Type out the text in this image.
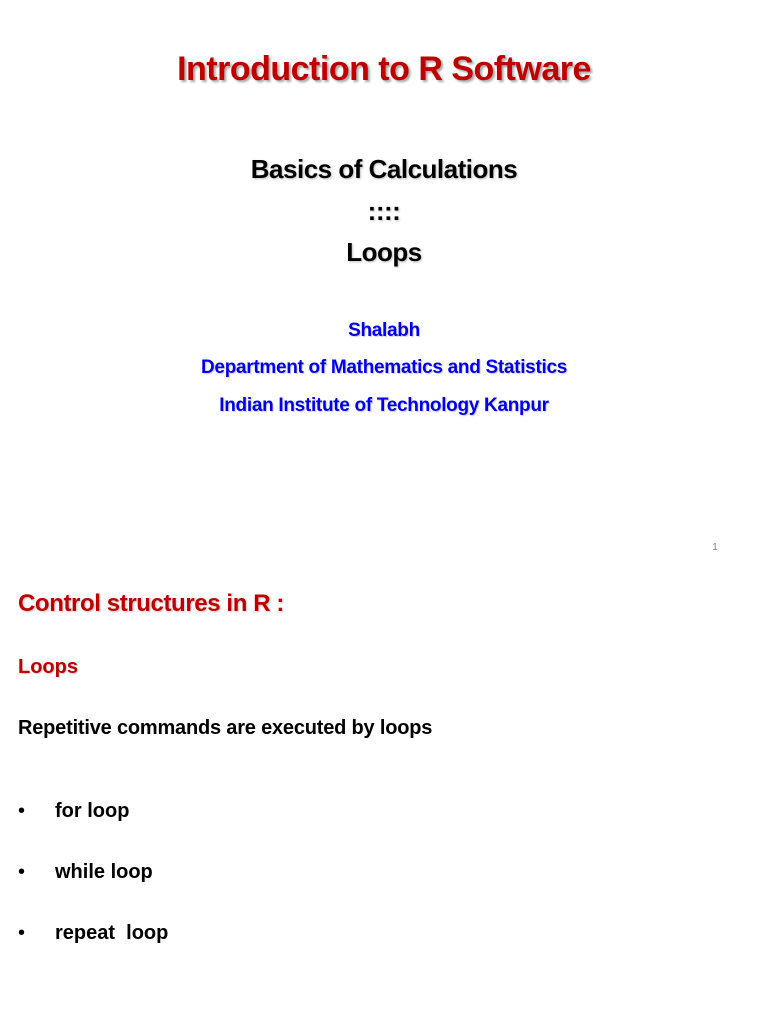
Introduction to R Software
Basics of Calculations
::::
Loops
Shalabh
Department of Mathematics and Statistics
Indian Institute of Technology Kanpur
1
Control structures in R :
Loops
Repetitive commands are executed by loops
•	for loop
•	while loop
•	repeat  loop
